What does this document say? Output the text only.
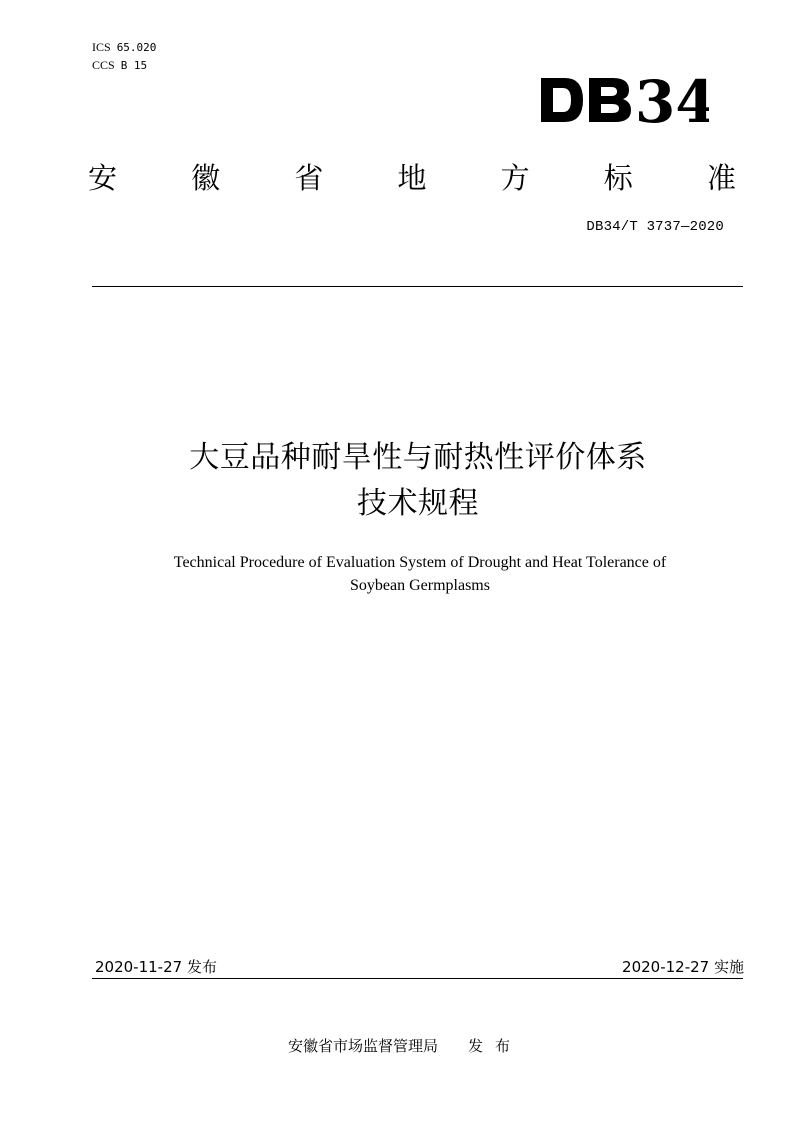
ICS 65.020
CCS B 15
34
安	徽	省	地	方	标	准
DB34/T 3737—2020
大豆品种耐旱性与耐热性评价体系
技术规程
Technical Procedure of Evaluation System of Drought and Heat Tolerance of
Soybean Germplasms
2020-11-27 发布	2020-12-27 实施
安徽省市场监督管理局 发布
